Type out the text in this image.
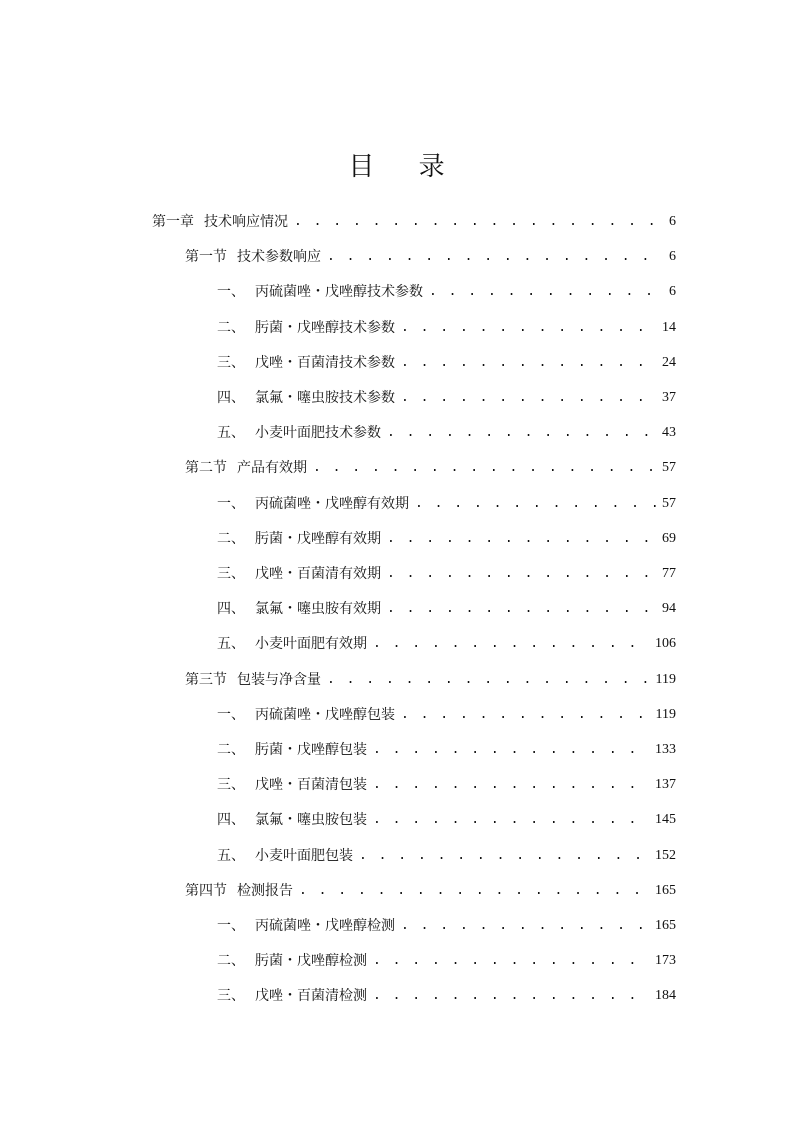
目 录
第一章 技术响应情况 . . .	6
第一节 技术参数响应 . . .	6
一、 丙硫菌唑・戊唑醇技术参数 . . .	6
二、 肟菌・戊唑醇技术参数 . . .	14
三、 戊唑・百菌清技术参数 . . .	24
四、 氯氟・噻虫胺技术参数 . . .	37
五、 小麦叶面肥技术参数 . . .	43
第二节 产品有效期 . . .	57
一、 丙硫菌唑・戊唑醇有效期 . . .	57
二、 肟菌・戊唑醇有效期 . . .	69
三、 戊唑・百菌清有效期 . . .	77
四、 氯氟・噻虫胺有效期 . . .	94
五、 小麦叶面肥有效期 . . .	106
第三节 包装与净含量 . . .	119
一、 丙硫菌唑・戊唑醇包装 . . .	119
二、 肟菌・戊唑醇包装 . . .	133
三、 戊唑・百菌清包装 . . .	137
四、 氯氟・噻虫胺包装 . . .	145
五、 小麦叶面肥包装 . . .	152
第四节 检测报告 . . .	165
一、 丙硫菌唑・戊唑醇检测 . . .	165
二、 肟菌・戊唑醇检测 . . .	173
三、 戊唑・百菌清检测 . . .	184
